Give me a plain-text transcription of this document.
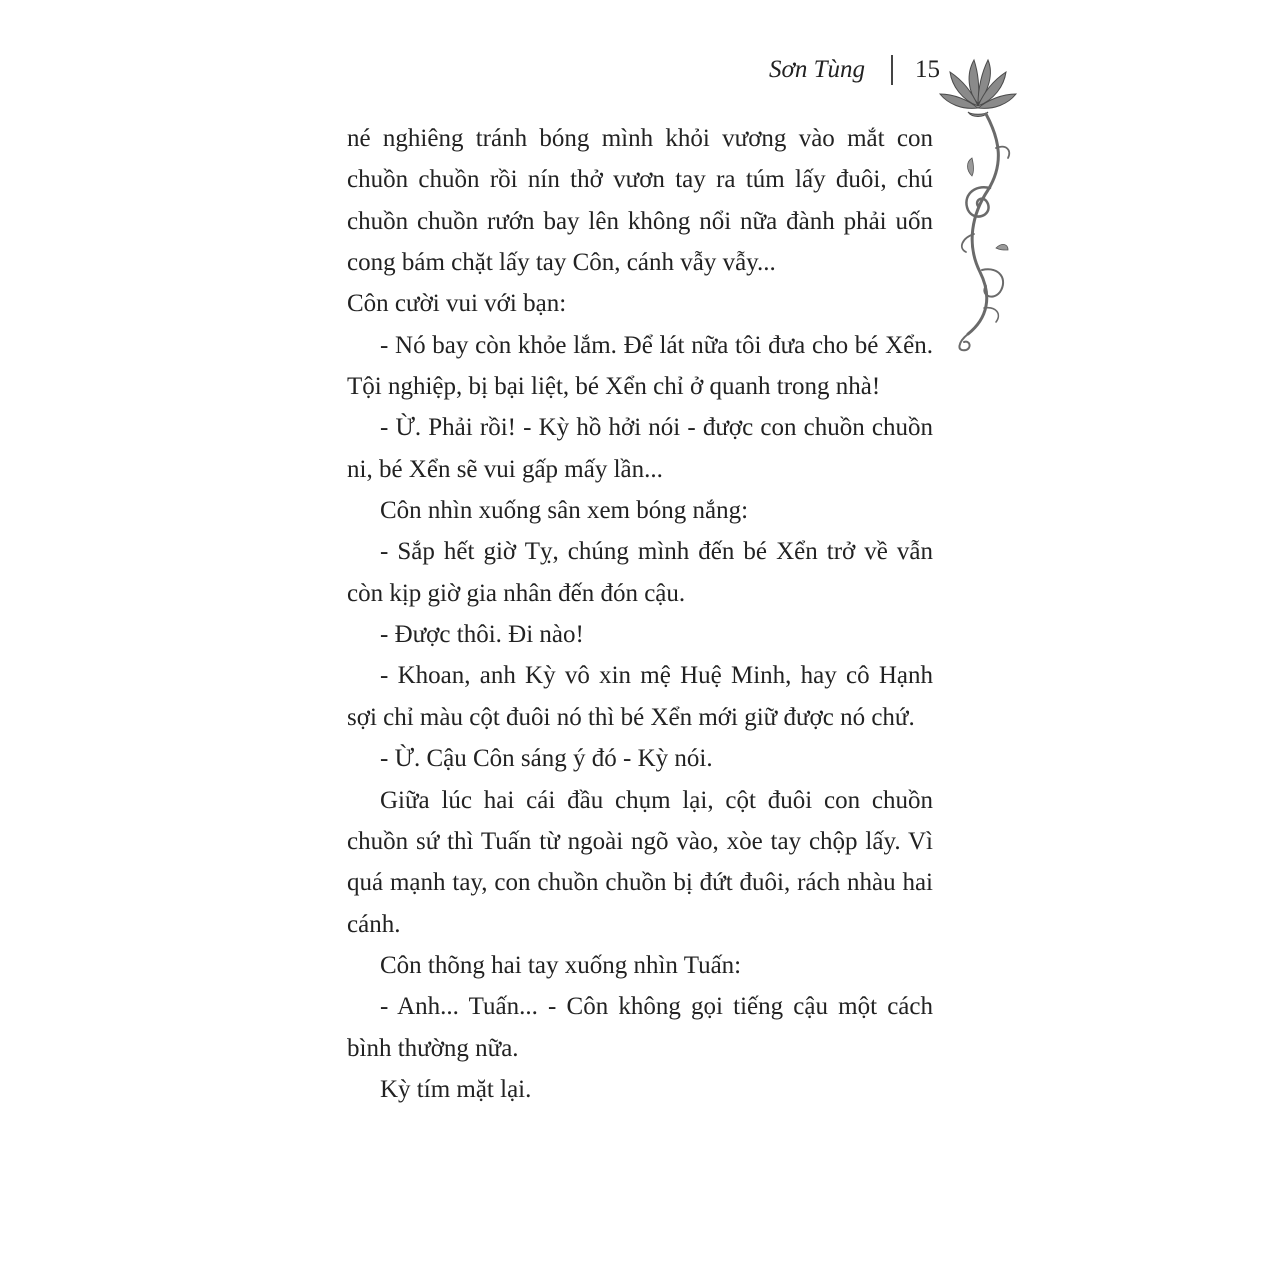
Sơn Tùng 15

né nghiêng tránh bóng mình khỏi vương vào mắt con chuồn chuồn rồi nín thở vươn tay ra túm lấy đuôi, chú chuồn chuồn rướn bay lên không nổi nữa đành phải uốn cong bám chặt lấy tay Côn, cánh vẫy vẫy...

Côn cười vui với bạn:

- Nó bay còn khỏe lắm. Để lát nữa tôi đưa cho bé Xển. Tội nghiệp, bị bại liệt, bé Xển chỉ ở quanh trong nhà!

- Ừ. Phải rồi! - Kỳ hồ hởi nói - được con chuồn chuồn ni, bé Xển sẽ vui gấp mấy lần...

Côn nhìn xuống sân xem bóng nắng:

- Sắp hết giờ Tỵ, chúng mình đến bé Xển trở về vẫn còn kịp giờ gia nhân đến đón cậu.

- Được thôi. Đi nào!

- Khoan, anh Kỳ vô xin mệ Huệ Minh, hay cô Hạnh sợi chỉ màu cột đuôi nó thì bé Xển mới giữ được nó chứ.

- Ừ. Cậu Côn sáng ý đó - Kỳ nói.

Giữa lúc hai cái đầu chụm lại, cột đuôi con chuồn chuồn sứ thì Tuấn từ ngoài ngõ vào, xòe tay chộp lấy. Vì quá mạnh tay, con chuồn chuồn bị đứt đuôi, rách nhàu hai cánh.

Côn thõng hai tay xuống nhìn Tuấn:

- Anh... Tuấn... - Côn không gọi tiếng cậu một cách bình thường nữa.

Kỳ tím mặt lại.
